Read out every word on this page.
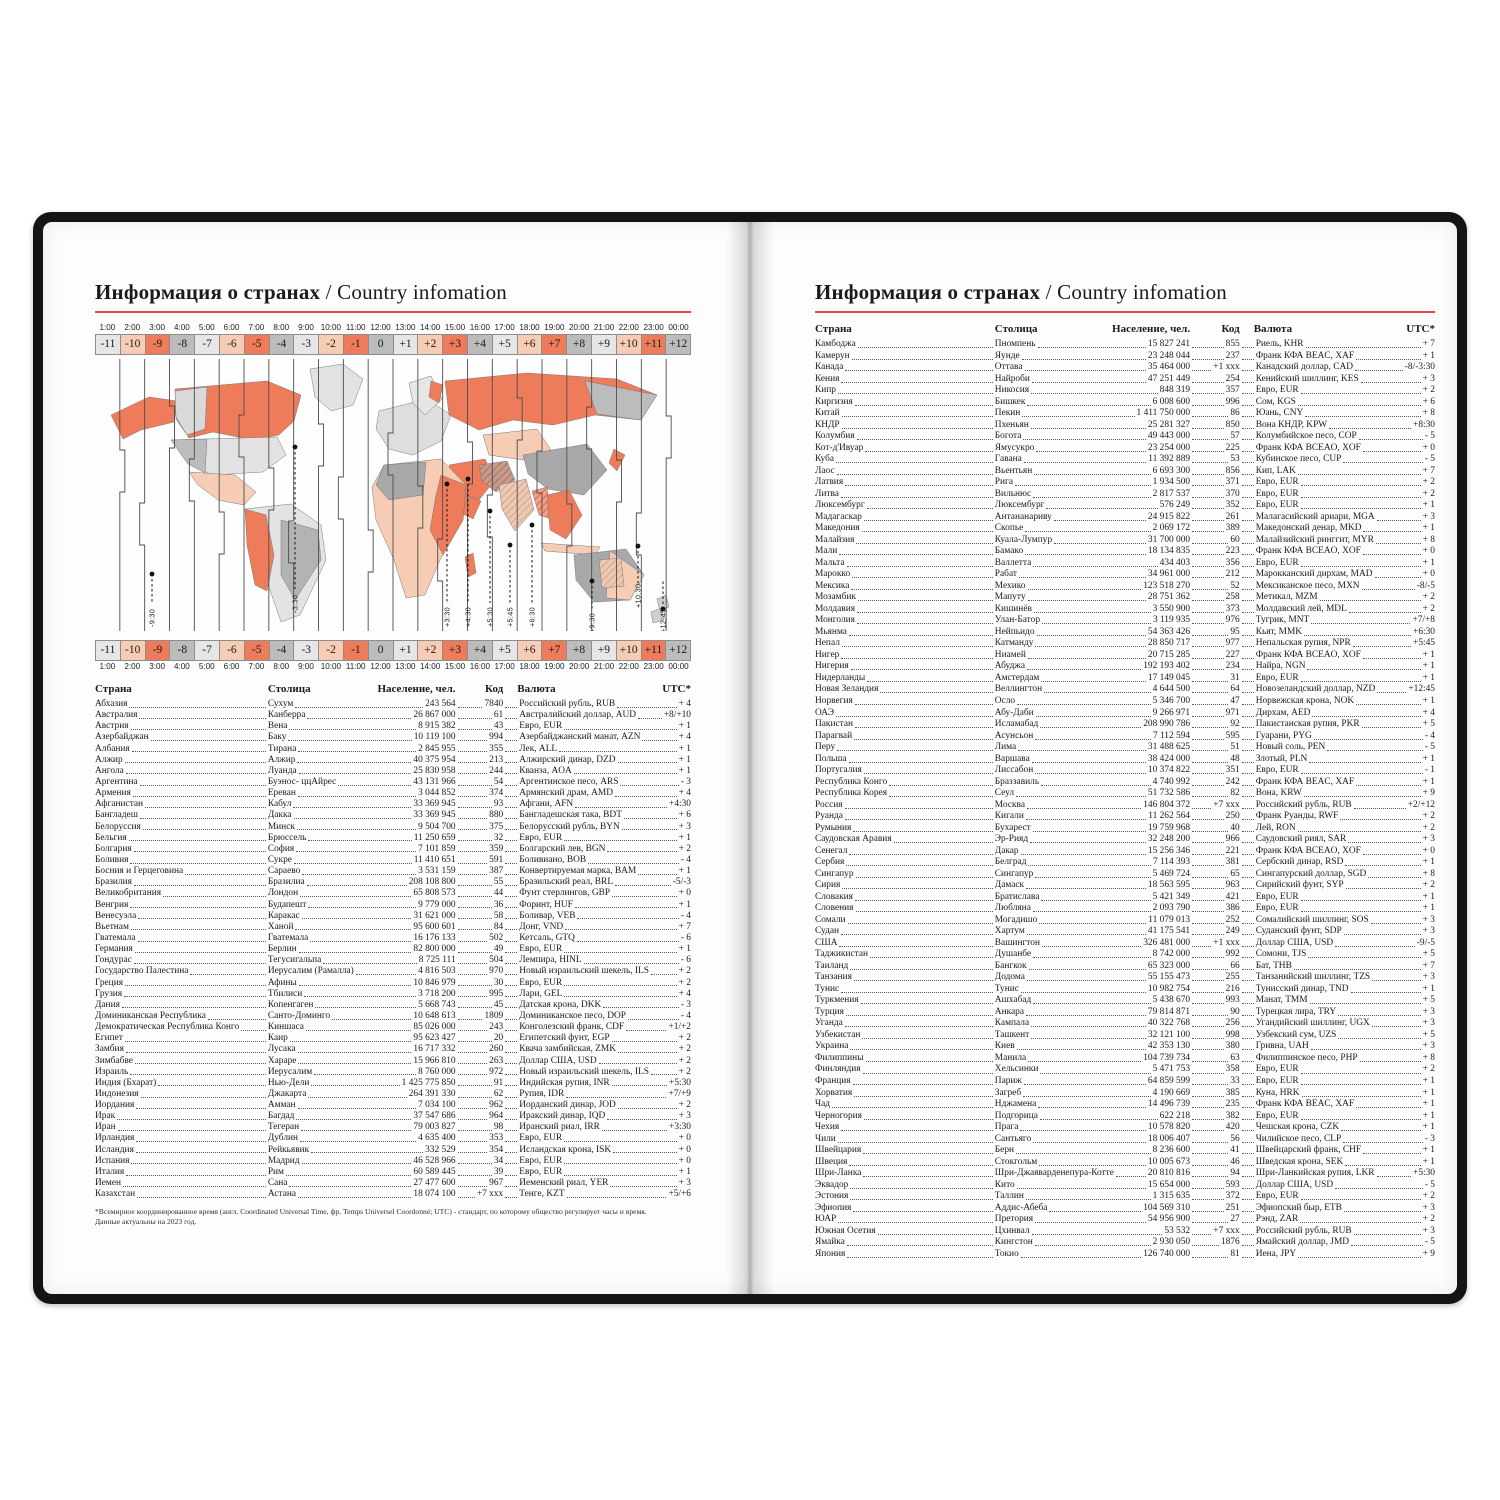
Информация о странах / Country infomation
1:00	2:00	3:00	4:00	5:00	6:00	7:00	8:00	9:00 10:00 11:00 12:00 13:00 14:00 15:00 16:00 17:00 18:00 19:00 20:00 21:00 22:00 23:00 00:00
-11 -10	-9	-8	-7	-6	-5	-4	-3	-2	-1	0	+1	+2	+3	+4	+5	+6	+7	+8	+9 +10 +11 +12
-9:30
-3:30
+3:30 +4:30 +5:30 +5:45 +6:30	+9:30
+10:30
+12:45
-11 -10	-9	-8	-7	-6	-5	-4	-3	-2	-1	0	+1	+2	+3	+4	+5	+6	+7	+8	+9 +10 +11 +12
1:00	2:00	3:00	4:00	5:00	6:00	7:00	8:00	9:00 10:00 11:00 12:00 13:00 14:00 15:00 16:00 17:00 18:00 19:00 20:00 21:00 22:00 23:00 00:00
Страна	Столица	Население, чел.	Код Валюта	UTC*
Абхазия	Сухум	243 564	7840 Российский рубль, RUB	+ 4
Австралия	Канберра	26 867 000	61 Австралийский доллар, AUD	+8/+10
Австрия	Вена	8 915 382	43 Евро, EUR	+ 1
Азербайджан	Баку	10 119 100	994 Азербайджанский манат, AZN	+ 4
Албания	Тирана	2 845 955	355 Лек, ALL	+ 1
Алжир	Алжир	40 375 954	213 Алжирский динар, DZD	+ 1
Ангола	Луанда	25 830 958	244 Кванза, AOA	+ 1
Аргентина	Буэнос- ццАйрес	43 131 966	54 Аргентинское песо, ARS	- 3
Армения	Ереван	3 044 852	374 Армянский драм, AMD	+ 4
Афганистан	Кабул	33 369 945	93 Афгани, AFN	+4:30
Бангладеш	Дакка	33 369 945	880 Бангладешская така, BDT	+ 6
Белоруссия	Минск	9 504 700	375 Белорусский рубль, BYN	+ 3
Бельгия	Брюссель	11 250 659	32 Евро, EUR	+ 1
Болгария	София	7 101 859	359 Болгарский лев, BGN	+ 2
Боливия	Сукре	11 410 651	591 Боливиано, BOB	- 4
Босния и Герцеговина	Сараево	3 531 159	387 Конвертируемая марка, BAM	+ 1
Бразилия	Бразилиа	208 108 800	55 Бразильский реал, BRL	-5/-3
Великобритания	Лондон	65 808 573	44 Фунт стерлингов, GBP	+ 0
Венгрия	Будапешт	9 779 000	36 Форинт, HUF	+ 1
Венесуэла	Каракас	31 621 000	58 Боливар, VEB	- 4
Вьетнам	Ханой	95 600 601	84 Донг, VND	+ 7
Гватемала	Гватемала	16 176 133	502 Кетсаль, GTQ	- 6
Германия	Берлин	82 800 000	49 Евро, EUR	+ 1
Гондурас	Тегусигальпа	8 725 111	504 Лемпира, HINL	- 6
Государство Палестина	Иерусалим (Рамалла)	4 816 503	970 Новый израильский шекель, ILS	+ 2
Греция	Афины	10 846 979	30 Евро, EUR	+ 2
Грузия	Тбилиси	3 718 200	995 Лари, GEL	+ 4
Дания	Копенгаген	5 668 743	45 Датская крона, DKK	- 3
Доминиканская Республика	Санто-Доминго	10 648 613	1809 Доминиканское песо, DOP	- 4
Демократическая Республика Конго	Киншаса	85 026 000	243 Конголезский франк, CDF	+1/+2
Египет	Каир	95 623 427	20 Египетский фунт, EGP	+ 2
Замбия	Лусака	16 717 332	260 Квача замбийская, ZMK	+ 2
Зимбабве	Хараре	15 966 810	263 Доллар США, USD	+ 2
Израиль	Иерусалим	8 760 000	972 Новый израильский шекель, ILS	+ 2
Индия (Бхарат)	Нью-Дели	1 425 775 850	91 Индийская рупия, INR	+5:30
Индонезия	Джакарта	264 391 330	62 Рупия, IDR	+7/+9
Иордания	Амман	7 034 100	962 Иорданский динар, JOD	+ 2
Ирак	Багдад	37 547 686	964 Иракский динар, IQD	+ 3
Иран	Тегеран	79 003 827	98 Иранский риал, IRR	+3:30
Ирландия	Дублин	4 635 400	353 Евро, EUR	+ 0
Исландия	Рейкьявик	332 529	354 Исландская крона, ISK	+ 0
Испания	Мадрид	46 528 966	34 Евро, EUR	+ 0
Италия	Рим	60 589 445	39 Евро, EUR	+ 1
Йемен	Сана	27 477 600	967 Йеменский риал, YER	+ 3
Казахстан	Астана	18 074 100 +7 ххх Тенге, KZT	+5/+6
*Всемирное координированное время (англ. Coordinated Universal Time, фр. Temps Universel Coordonné; UTC) - стандарт, по которому общество регулирует часы и время.
Данные актуальны на 2023 год.
Информация о странах / Country infomation
Страна	Столица	Население, чел.	Код Валюта	UTC*
Камбоджа	Пномпень	15 827 241	855 Риель, KHR	+ 7
Камерун	Яунде	23 248 044	237 Франк КФА BEAC, XAF	+ 1
Канада	Оттава	35 464 000 +1 ххх Канадский доллар, CAD	-8/-3:30
Кения	Найроби	47 251 449	254 Кенийский шиллинг, KES	+ 3
Кипр	Никосия	848 319	357 Евро, EUR	+ 2
Киргизия	Бишкек	6 008 600	996 Сом, KGS	+ 6
Китай	Пекин	1 411 750 000	86 Юань, CNY	+ 8
КНДР	Пхеньян	25 281 327	850 Вона КНДР, KPW	+8:30
Колумбия	Богота	49 443 000	57 Колумбийское песо, COP	- 5
Кот-д'Ивуар	Ямусукро	23 254 000	225 Франк КФА BCEAO, XOF	+ 0
Куба	Гавана	11 392 889	53 Кубинское песо, CUP	- 5
Лаос	Вьентьян	6 693 300	856 Кип, LAK	+ 7
Латвия	Рига	1 934 500	371 Евро, EUR	+ 2
Литва	Вильнюс	2 817 537	370 Евро, EUR	+ 2
Люксембург	Люксембург	576 249	352 Евро, EUR	+ 1
Мадагаскар	Антананариву	24 915 822	261 Малагасийский ариари, MGA	+ 3
Македония	Скопье	2 069 172	389 Македонский денар, MKD	+ 1
Малайзия	Куала-Лумпур	31 700 000	60 Малайзийский ринггит, MYR	+ 8
Мали	Бамако	18 134 835	223 Франк КФА BCEAO, XOF	+ 0
Мальта	Валлетта	434 403	356 Евро, EUR	+ 1
Марокко	Рабат	34 961 000	212 Марокканский дирхам, MAD	+ 0
Мексика	Мехико	123 518 270	52 Мексиканское песо, MXN	-8/-5
Мозамбик	Мапуту	28 751 362	258 Метикал, MZM	+ 2
Молдавия	Кишинёв	3 550 900	373 Молдавский лей, MDL	+ 2
Монголия	Улан-Батор	3 119 935	976 Тугрик, MNT	+7/+8
Мьянма	Нейпьидо	54 363 426	95 Кьят, MMK	+6:30
Непал	Катманду	28 850 717	977 Непальская рупия, NPR	+5:45
Нигер	Ниамей	20 715 285	227 Франк КФА BCEAO, XOF	+ 1
Нигерия	Абуджа	192 193 402	234 Найра, NGN	+ 1
Нидерланды	Амстердам	17 149 045	31 Евро, EUR	+ 1
Новая Зеландия	Веллингтон	4 644 500	64 Новозеландский доллар, NZD	+12:45
Норвегия	Осло	5 346 700	47 Норвежская крона, NOK	+ 1
ОАЭ	Абу-Даби	9 266 971	971 Дирхам, AED	+ 4
Пакистан	Исламабад	208 990 786	92 Пакистанская рупия, PKR	+ 5
Парагвай	Асунсьон	7 112 594	595 Гуарани, PYG	- 4
Перу	Лима	31 488 625	51 Новый соль, PEN	- 5
Польша	Варшава	38 424 000	48 Злотый, PLN	+ 1
Португалия	Лиссабон	10 374 822	351 Евро, EUR	- 1
Республика Конго	Браззавиль	4 740 992	242 Франк КФА BEAC, XAF	+ 1
Республика Корея	Сеул	51 732 586	82 Вона, KRW	+ 9
Россия	Москва	146 804 372 +7 ххх Российский рубль, RUB	+2/+12
Руанда	Кигали	11 262 564	250 Франк Руанды, RWF	+ 2
Румыния	Бухарест	19 759 968	40 Лей, RON	+ 2
Саудовская Аравия	Эр-Рияд	32 248 200	966 Саудовский риял, SAR	+ 3
Сенегал	Дакар	15 256 346	221 Франк КФА BCEAO, XOF	+ 0
Сербия	Белград	7 114 393	381 Сербский динар, RSD	+ 1
Сингапур	Сингапур	5 469 724	65 Сингапурский доллар, SGD	+ 8
Сирия	Дамаск	18 563 595	963 Сирийский фунт, SYP	+ 2
Словакия	Братислава	5 421 349	421 Евро, EUR	+ 1
Словения	Любляна	2 093 790	386 Евро, EUR	+ 1
Сомали	Могадишо	11 079 013	252 Сомалийский шиллинг, SOS	+ 3
Судан	Хартум	41 175 541	249 Суданский фунт, SDP	+ 3
США	Вашингтон	326 481 000 +1 ххх Доллар США, USD	-9/-5
Таджикистан	Душанбе	8 742 000	992 Сомони, TJS	+ 5
Таиланд	Бангкок	65 323 000	66 Бат, THB	+ 7
Танзания	Додома	55 155 473	255 Танзанийский шиллинг, TZS	+ 3
Тунис	Тунис	10 982 754	216 Тунисский динар, TND	+ 1
Туркмения	Ашхабад	5 438 670	993 Манат, TMM	+ 5
Турция	Анкара	79 814 871	90 Турецкая лира, TRY	+ 3
Уганда	Кампала	40 322 768	256 Угандийский шиллинг, UGX	+ 3
Узбекистан	Ташкент	32 121 100	998 Узбекский сум, UZS	+ 5
Украина	Киев	42 353 130	380 Гривна, UAH	+ 3
Филиппины	Манила	104 739 734	63 Филиппинское песо, PHP	+ 8
Финляндия	Хельсинки	5 471 753	358 Евро, EUR	+ 2
Франция	Париж	64 859 599	33 Евро, EUR	+ 1
Хорватия	Загреб	4 190 669	385 Куна, HRK	+ 1
Чад	Нджамена	14 496 739	235 Франк КФА BEAC, XAF	+ 1
Черногория	Подгорица	622 218	382 Евро, EUR	+ 1
Чехия	Прага	10 578 820	420 Чешская крона, CZK	+ 1
Чили	Сантьяго	18 006 407	56 Чилийское песо, CLP	- 3
Швейцария	Берн	8 236 600	41 Швейцарский франк, CHF	+ 1
Швеция	Стокгольм	10 005 673	46 Шведская крона, SEK	+ 1
Шри-Ланка	Шри-Джаяварденепура-Котте	20 810 816	94 Шри-Ланкийская рупия, LKR	+5:30
Эквадор	Кито	15 654 000	593 Доллар США, USD	- 5
Эстония	Таллин	1 315 635	372 Евро, EUR	+ 2
Эфиопия	Аддис-Абеба	104 569 310	251 Эфиопский быр, ETB	+ 3
ЮАР	Претория	54 956 900	27 Рэнд, ZAR	+ 2
Южная Осетия	Цхинвал	53 532 +7 ххх Российский рубль, RUB	+ 3
Ямайка	Кингстон	2 930 050	1876 Ямайский доллар, JMD	- 5
Япония	Токио	126 740 000	81 Иена, JPY	+ 9
